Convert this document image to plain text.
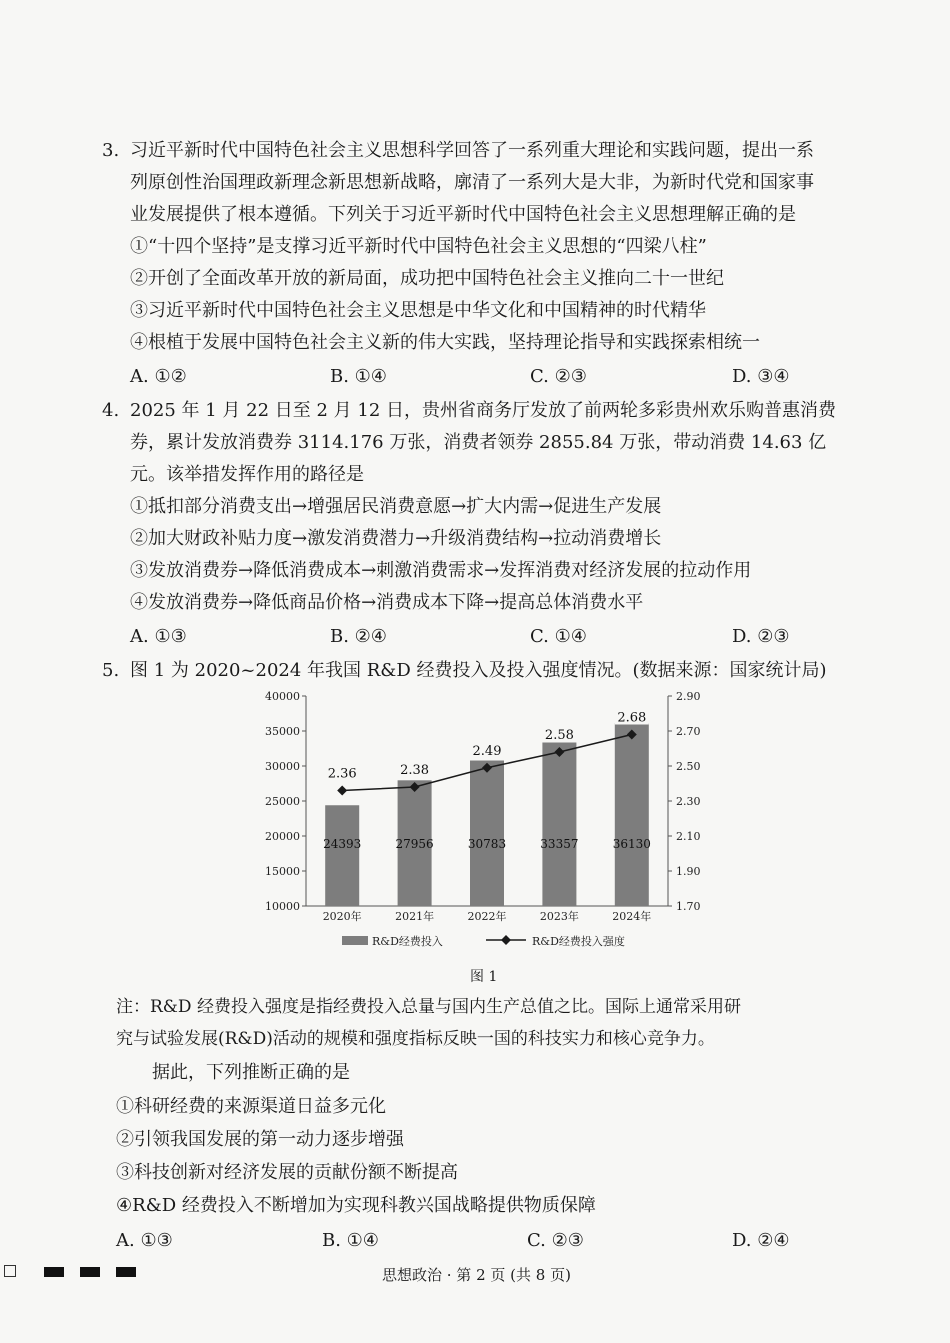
3. 习近平新时代中国特色社会主义思想科学回答了一系列重大理论和实践问题，提出一系
列原创性治国理政新理念新思想新战略，廓清了一系列大是大非，为新时代党和国家事
业发展提供了根本遵循。下列关于习近平新时代中国特色社会主义思想理解正确的是
①“十四个坚持”是支撑习近平新时代中国特色社会主义思想的“四梁八柱”
②开创了全面改革开放的新局面，成功把中国特色社会主义推向二十一世纪
③习近平新时代中国特色社会主义思想是中华文化和中国精神的时代精华
④根植于发展中国特色社会主义新的伟大实践，坚持理论指导和实践探索相统一
A. ①②	B. ①④	C. ②③	D. ③④
4. 2025 年 1 月 22 日至 2 月 12 日，贵州省商务厅发放了前两轮多彩贵州欢乐购普惠消费
券，累计发放消费券 3114.176 万张，消费者领券 2855.84 万张，带动消费 14.63 亿
元。该举措发挥作用的路径是
①抵扣部分消费支出→增强居民消费意愿→扩大内需→促进生产发展
②加大财政补贴力度→激发消费潜力→升级消费结构→拉动消费增长
③发放消费券→降低消费成本→刺激消费需求→发挥消费对经济发展的拉动作用
④发放消费券→降低商品价格→消费成本下降→提高总体消费水平
A. ①③	B. ②④	C. ①④	D. ②③
5. 图 1 为 2020~2024 年我国 R&D 经费投入及投入强度情况。(数据来源：国家统计局)
10000
15000
20000
25000
30000
35000
40000
1.70
1.90
2.10
2.30
2.50
2.70
2.90
24393
2020年
27956
2021年
30783
2022年
33357
2023年
36130
2024年
2.36	2.38
2.49
2.58
2.68
R&D经费投入	R&D经费投入强度
图 1
注：R&D 经费投入强度是指经费投入总量与国内生产总值之比。国际上通常采用研
究与试验发展(R&D)活动的规模和强度指标反映一国的科技实力和核心竞争力。
据此，下列推断正确的是
①科研经费的来源渠道日益多元化
②引领我国发展的第一动力逐步增强
③科技创新对经济发展的贡献份额不断提高
④R&D 经费投入不断增加为实现科教兴国战略提供物质保障
A. ①③	B. ①④	C. ②③	D. ②④
思想政治 · 第 2 页 (共 8 页)
